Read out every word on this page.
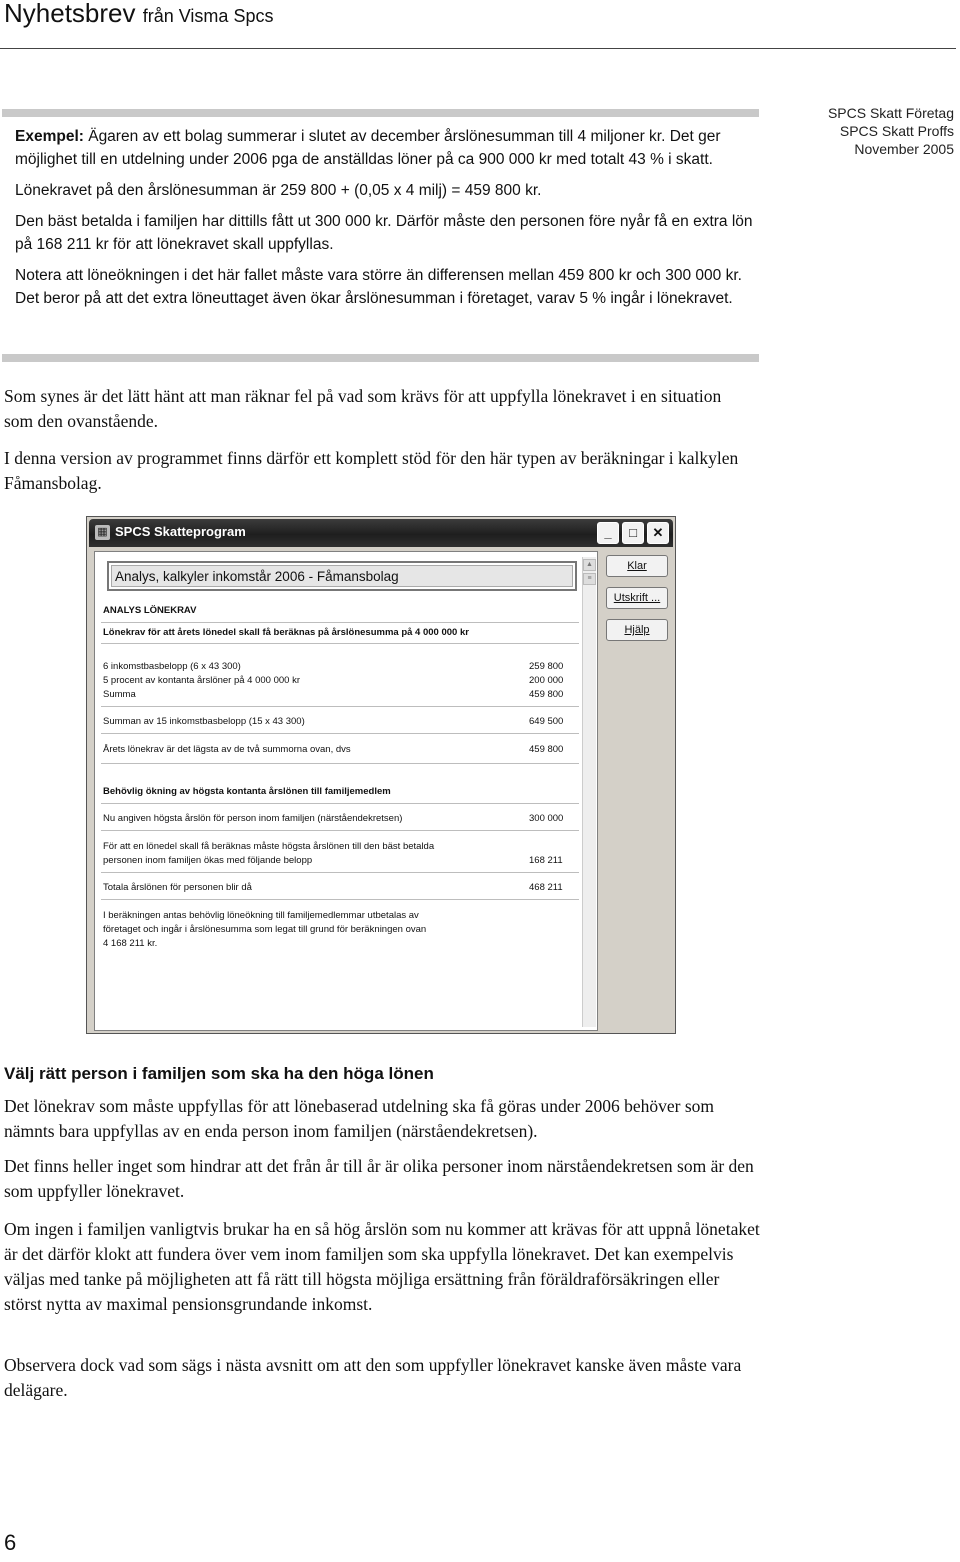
Nyhetsbrev från Visma Spcs
SPCS Skatt Företag
SPCS Skatt Proffs
November 2005

Exempel: Ägaren av ett bolag summerar i slutet av december årslönesumman till 4 miljoner kr. Det ger möjlighet till en utdelning under 2006 pga de anställdas löner på ca 900 000 kr med totalt 43 % i skatt.

Lönekravet på den årslönesumman är 259 800 + (0,05 x 4 milj) = 459 800 kr.

Den bäst betalda i familjen har dittills fått ut 300 000 kr. Därför måste den personen före nyår få en extra lön på 168 211 kr för att lönekravet skall uppfyllas.

Notera att löneökningen i det här fallet måste vara större än differensen mellan 459 800 kr och 300 000 kr. Det beror på att det extra löneuttaget även ökar årslönesumman i företaget, varav 5 % ingår i lönekravet.

Som synes är det lätt hänt att man räknar fel på vad som krävs för att uppfylla lönekravet i en situation som den ovanstående.
I denna version av programmet finns därför ett komplett stöd för den här typen av beräkningar i kalkylen Fåmansbolag.
▦ SPCS Skatteprogram	_	□	✕
Analys, kalkyler inkomstår 2006 - Fåmansbolag
▲
≡
ANALYS LÖNEKRAV
Lönekrav för att årets lönedel skall få beräknas på årslönesumma på 4 000 000 kr
6 inkomstbasbelopp (6 x 43 300)	259 800
5 procent av kontanta årslöner på 4 000 000 kr	200 000
Summa	459 800
Summan av 15 inkomstbasbelopp (15 x 43 300)	649 500
Årets lönekrav är det lägsta av de två summorna ovan, dvs	459 800
Behövlig ökning av högsta kontanta årslönen till familjemedlem
Nu angiven högsta årslön för person inom familjen (närståendekretsen)	300 000
För att en lönedel skall få beräknas måste högsta årslönen till den bäst betalda
personen inom familjen ökas med följande belopp	168 211
Totala årslönen för personen blir då	468 211
I beräkningen antas behövlig löneökning till familjemedlemmar utbetalas av
företaget och ingår i årslönesumma som legat till grund för beräkningen ovan
4 168 211 kr.
Klar
Utskrift ...
Hjälp
Välj rätt person i familjen som ska ha den höga lönen
Det lönekrav som måste uppfyllas för att lönebaserad utdelning ska få göras under 2006 behöver som nämnts bara uppfyllas av en enda person inom familjen (närståendekretsen).
Det finns heller inget som hindrar att det från år till år är olika personer inom närståendekretsen som är den som uppfyller lönekravet.
Om ingen i familjen vanligtvis brukar ha en så hög årslön som nu kommer att krävas för att uppnå lönetaket är det därför klokt att fundera över vem inom familjen som ska uppfylla lönekravet. Det kan exempelvis väljas med tanke på möjligheten att få rätt till högsta möjliga ersättning från föräldraförsäkringen eller störst nytta av maximal pensionsgrundande inkomst.
Observera dock vad som sägs i nästa avsnitt om att den som uppfyller lönekravet kanske även måste vara delägare.
6
